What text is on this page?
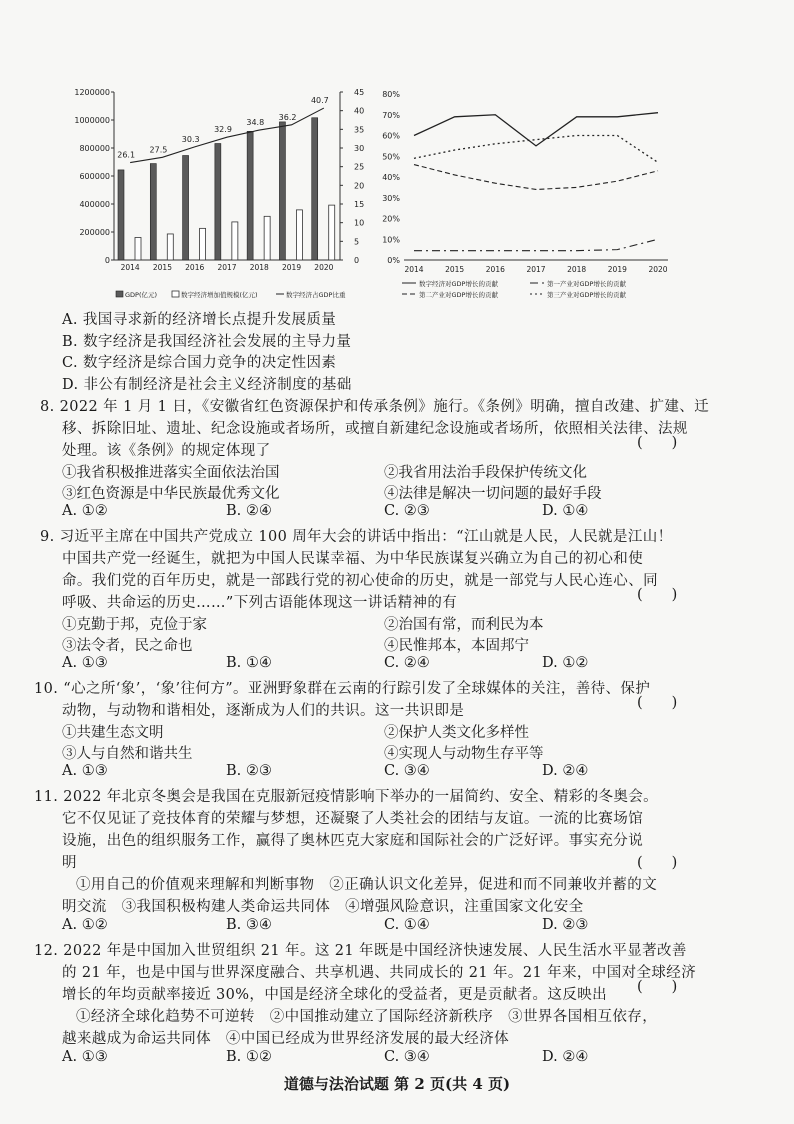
1200000
1000000
800000
600000
400000
200000
0
45
40
35
30
25
20
15
10
5
0
26.1
27.5
30.3
32.9
34.8
36.2
40.7
2014 2015 2016 2017 2018 2019 2020
GDP(亿元)	数字经济增加值规模(亿元)	数字经济占GDP比重
80%
70%
60%
50%
40%
30%
20%
10%
0%
2014	2015	2016	2017	2018	2019	2020
数字经济对GDP增长的贡献	第一产业对GDP增长的贡献
第二产业对GDP增长的贡献	第三产业对GDP增长的贡献
A. 我国寻求新的经济增长点提升发展质量
B. 数字经济是我国经济社会发展的主导力量
C. 数字经济是综合国力竞争的决定性因素
D. 非公有制经济是社会主义经济制度的基础
8. 2022 年 1 月 1 日，《安徽省红色资源保护和传承条例》施行。《条例》明确，擅自改建、扩建、迁
移、拆除旧址、遗址、纪念设施或者场所，或擅自新建纪念设施或者场所，依照相关法律、法规
处理。该《条例》的规定体现了	(　　)
①我省积极推进落实全面依法治国	②我省用法治手段保护传统文化
③红色资源是中华民族最优秀文化	④法律是解决一切问题的最好手段
A. ①②	B. ②④	C. ②③	D. ①④
9. 习近平主席在中国共产党成立 100 周年大会的讲话中指出：“江山就是人民，人民就是江山！
中国共产党一经诞生，就把为中国人民谋幸福、为中华民族谋复兴确立为自己的初心和使
命。我们党的百年历史，就是一部践行党的初心使命的历史，就是一部党与人民心连心、同
呼吸、共命运的历史……”下列古语能体现这一讲话精神的有	(　　)
①克勤于邦，克俭于家	②治国有常，而利民为本
③法令者，民之命也	④民惟邦本，本固邦宁
A. ①③	B. ①④	C. ②④	D. ①②
10. “心之所‘象’，‘象’往何方”。亚洲野象群在云南的行踪引发了全球媒体的关注，善待、保护
动物，与动物和谐相处，逐渐成为人们的共识。这一共识即是	(　　)
①共建生态文明	②保护人类文化多样性
③人与自然和谐共生	④实现人与动物生存平等
A. ①③	B. ②③	C. ③④	D. ②④
11. 2022 年北京冬奥会是我国在克服新冠疫情影响下举办的一届简约、安全、精彩的冬奥会。
它不仅见证了竞技体育的荣耀与梦想，还凝聚了人类社会的团结与友谊。一流的比赛场馆
设施，出色的组织服务工作，赢得了奥林匹克大家庭和国际社会的广泛好评。事实充分说
明	(　　)
①用自己的价值观来理解和判断事物　②正确认识文化差异，促进和而不同兼收并蓄的文
明交流　③我国积极构建人类命运共同体　④增强风险意识，注重国家文化安全
A. ①②	B. ③④	C. ①④	D. ②③
12. 2022 年是中国加入世贸组织 21 年。这 21 年既是中国经济快速发展、人民生活水平显著改善
的 21 年，也是中国与世界深度融合、共享机遇、共同成长的 21 年。21 年来，中国对全球经济
增长的年均贡献率接近 30%，中国是经济全球化的受益者，更是贡献者。这反映出 (　　)
①经济全球化趋势不可逆转　②中国推动建立了国际经济新秩序　③世界各国相互依存，
越来越成为命运共同体　④中国已经成为世界经济发展的最大经济体
A. ①③	B. ①②	C. ③④	D. ②④
道德与法治试题 第 2 页(共 4 页)
